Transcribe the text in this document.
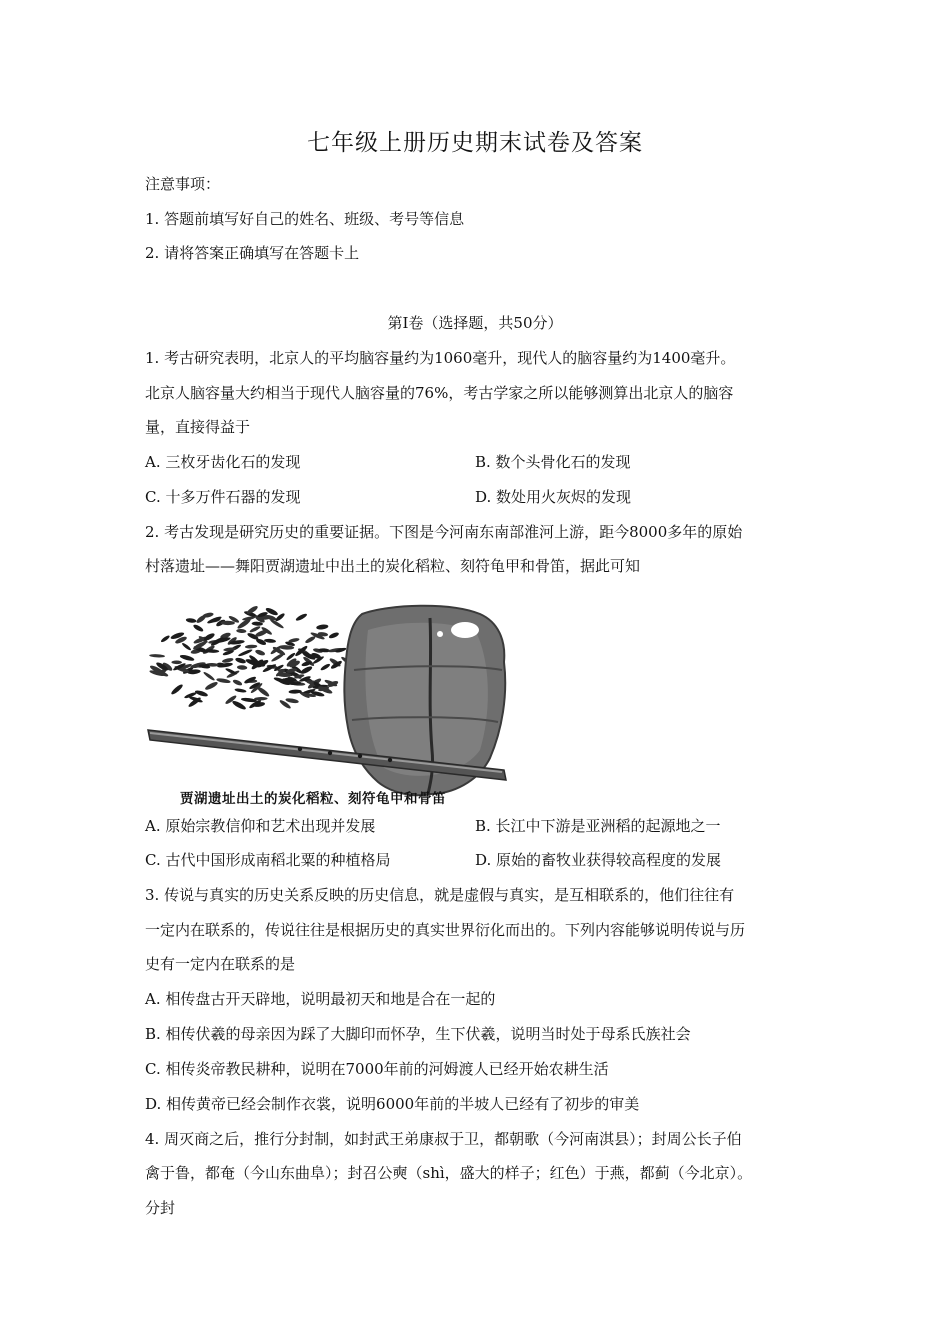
七年级上册历史期末试卷及答案
注意事项：
1. 答题前填写好自己的姓名、班级、考号等信息
2. 请将答案正确填写在答题卡上
第I卷（选择题，共50分）
1. 考古研究表明，北京人的平均脑容量约为1060毫升，现代人的脑容量约为1400毫升。
北京人脑容量大约相当于现代人脑容量的76%，考古学家之所以能够测算出北京人的脑容
量，直接得益于
A. 三枚牙齿化石的发现	B. 数个头骨化石的发现
C. 十多万件石器的发现	D. 数处用火灰烬的发现
2. 考古发现是研究历史的重要证据。下图是今河南东南部淮河上游，距今8000多年的原始
村落遗址——舞阳贾湖遗址中出土的炭化稻粒、刻符龟甲和骨笛，据此可知
贾湖遗址出土的炭化稻粒、刻符龟甲和骨笛
A. 原始宗教信仰和艺术出现并发展	B. 长江中下游是亚洲稻的起源地之一
C. 古代中国形成南稻北粟的种植格局	D. 原始的畜牧业获得较高程度的发展
3. 传说与真实的历史关系反映的历史信息，就是虚假与真实，是互相联系的，他们往往有
一定内在联系的，传说往往是根据历史的真实世界衍化而出的。下列内容能够说明传说与历
史有一定内在联系的是
A. 相传盘古开天辟地，说明最初天和地是合在一起的
B. 相传伏羲的母亲因为踩了大脚印而怀孕，生下伏羲，说明当时处于母系氏族社会
C. 相传炎帝教民耕种，说明在7000年前的河姆渡人已经开始农耕生活
D. 相传黄帝已经会制作衣裳，说明6000年前的半坡人已经有了初步的审美
4. 周灭商之后，推行分封制，如封武王弟康叔于卫，都朝歌（今河南淇县）；封周公长子伯
禽于鲁，都奄（今山东曲阜）；封召公奭（shì，盛大的样子；红色）于燕，都蓟（今北京）。
分封
